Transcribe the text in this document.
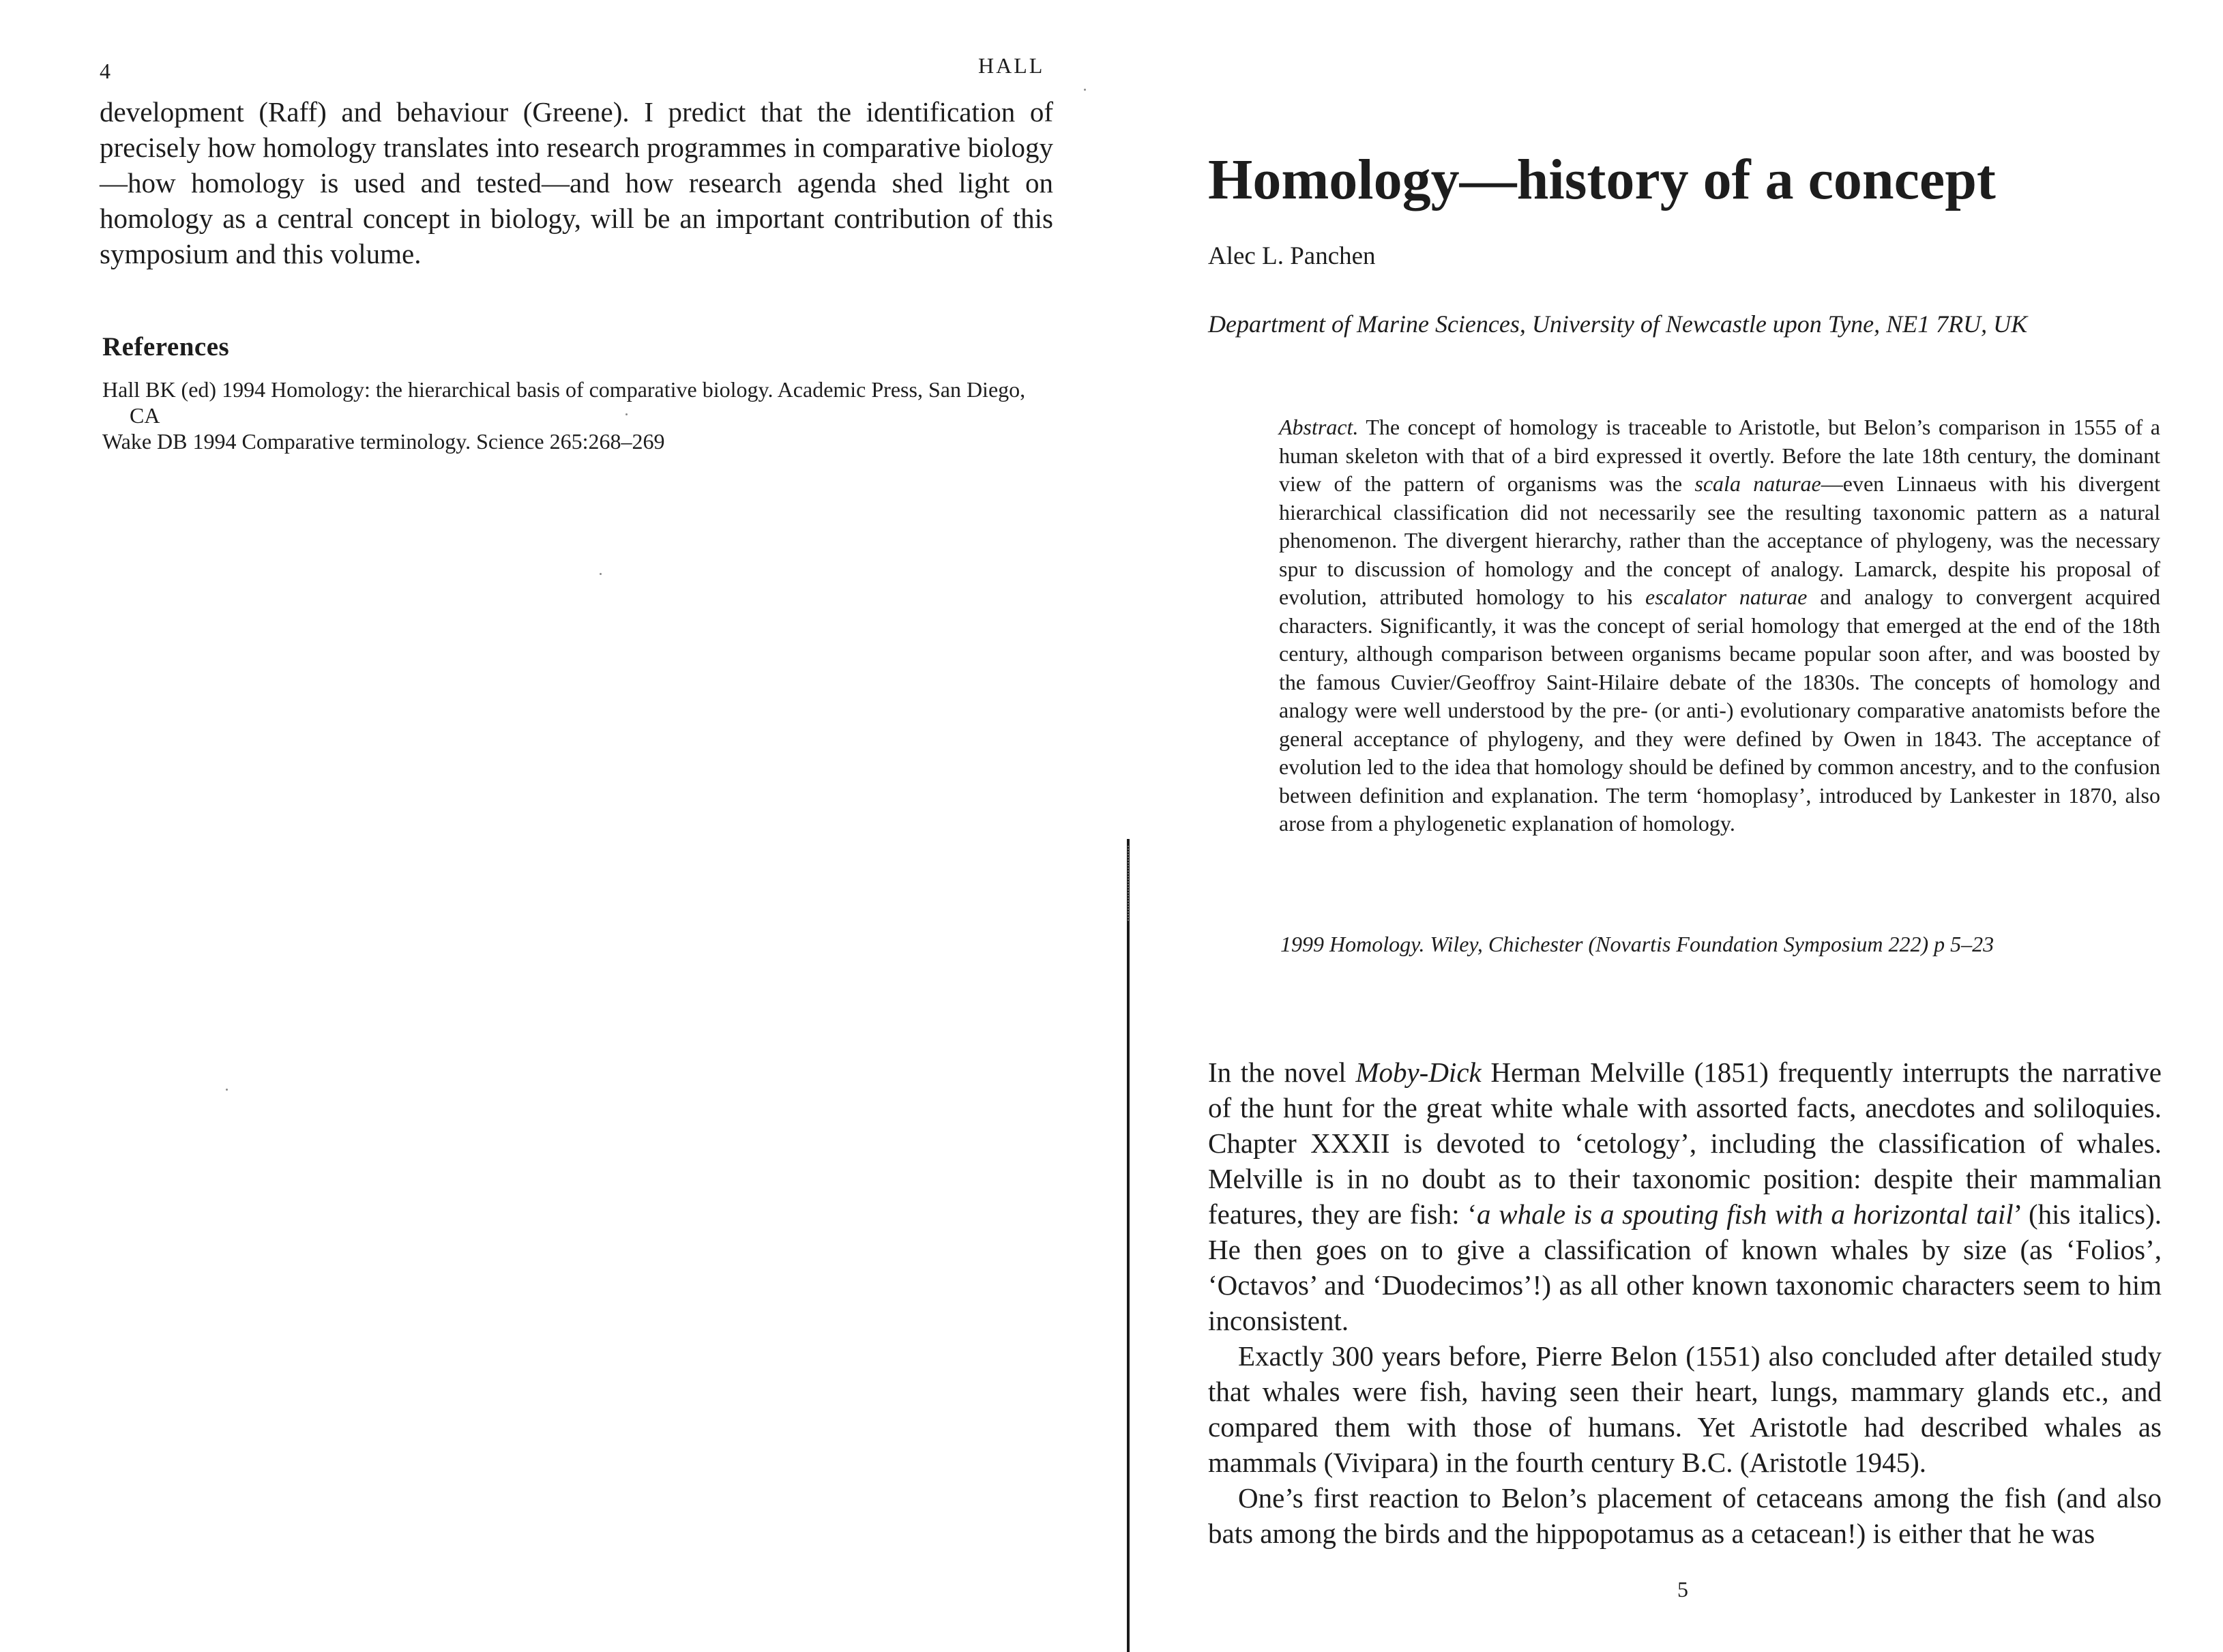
4	HALL
development (Raff) and behaviour (Greene). I predict that the identification of precisely how homology translates into research programmes in comparative biology—how homology is used and tested—and how research agenda shed light on homology as a central concept in biology, will be an important contribution of this symposium and this volume.
References

Hall BK (ed) 1994 Homology: the hierarchical basis of comparative biology. Academic Press, San Diego, CA

Wake DB 1994 Comparative terminology. Science 265:268–269

Homology—history of a concept
Alec L. Panchen
Department of Marine Sciences, University of Newcastle upon Tyne, NE1 7RU, UK

Abstract. The concept of homology is traceable to Aristotle, but Belon’s comparison in 1555 of a human skeleton with that of a bird expressed it overtly. Before the late 18th century, the dominant view of the pattern of organisms was the scala naturae—even Linnaeus with his divergent hierarchical classification did not necessarily see the resulting taxonomic pattern as a natural phenomenon. The divergent hierarchy, rather than the acceptance of phylogeny, was the necessary spur to discussion of homology and the concept of analogy. Lamarck, despite his proposal of evolution, attributed homology to his escalator naturae and analogy to convergent acquired characters. Significantly, it was the concept of serial homology that emerged at the end of the 18th century, although comparison between organisms became popular soon after, and was boosted by the famous Cuvier/Geoffroy Saint-Hilaire debate of the 1830s. The concepts of homology and analogy were well understood by the pre- (or anti-) evolutionary comparative anatomists before the general acceptance of phylogeny, and they were defined by Owen in 1843. The acceptance of evolution led to the idea that homology should be defined by common ancestry, and to the confusion between definition and explanation. The term ‘homoplasy’, introduced by Lankester in 1870, also arose from a phylogenetic explanation of homology.

1999 Homology. Wiley, Chichester (Novartis Foundation Symposium 222) p 5–23

In the novel Moby-Dick Herman Melville (1851) frequently interrupts the narrative of the hunt for the great white whale with assorted facts, anecdotes and soliloquies. Chapter XXXII is devoted to ‘cetology’, including the classification of whales. Melville is in no doubt as to their taxonomic position: despite their mammalian features, they are fish: ‘a whale is a spouting fish with a horizontal tail’ (his italics). He then goes on to give a classification of known whales by size (as ‘Folios’, ‘Octavos’ and ‘Duodecimos’!) as all other known taxonomic characters seem to him inconsistent.

Exactly 300 years before, Pierre Belon (1551) also concluded after detailed study that whales were fish, having seen their heart, lungs, mammary glands etc., and compared them with those of humans. Yet Aristotle had described whales as mammals (Vivipara) in the fourth century B.C. (Aristotle 1945).

One’s first reaction to Belon’s placement of cetaceans among the fish (and also bats among the birds and the hippopotamus as a cetacean!) is either that he was

5
